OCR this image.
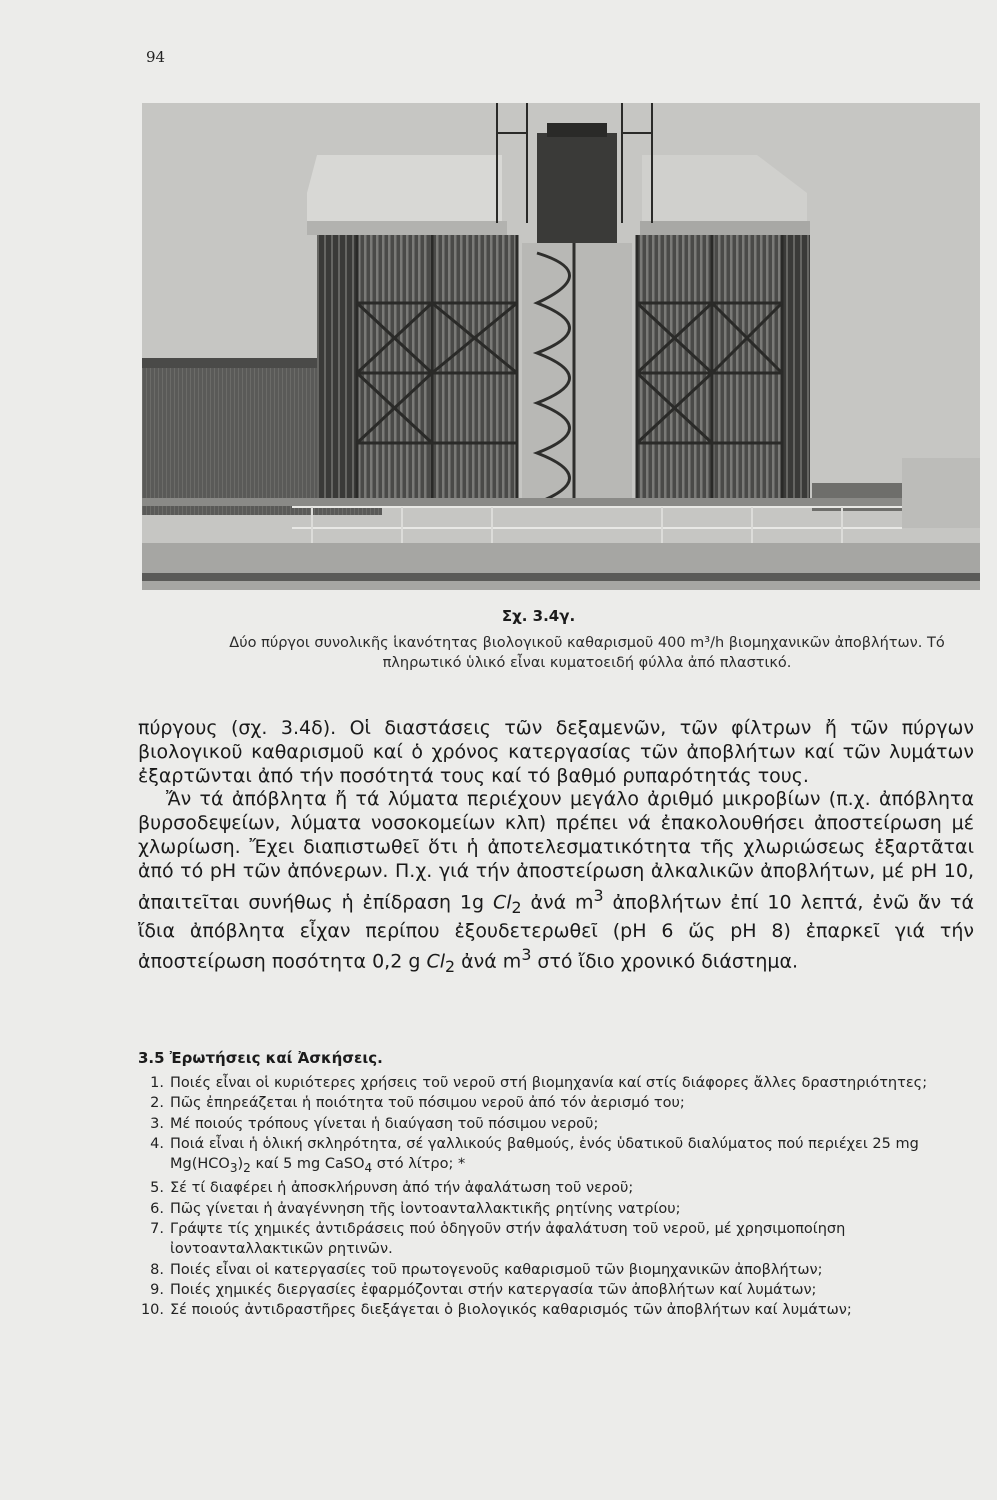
94
Σχ. 3.4γ.
Δύο πύργοι συνολικῆς ἱκανότητας βιολογικοῦ καθαρισμοῦ 400 m³/h βιομηχανικῶν ἀποβλήτων. Τό
πληρωτικό ὑλικό εἶναι κυματοειδή φύλλα ἀπό πλαστικό.

πύργους (σχ. 3.4δ). Οἱ διαστάσεις τῶν δεξαμενῶν, τῶν φίλτρων ἤ τῶν πύργων βιολογικοῦ καθαρισμοῦ καί ὁ χρόνος κατεργασίας τῶν ἀποβλήτων καί τῶν λυμάτων ἐξαρτῶνται ἀπό τήν ποσότητά τους καί τό βαθμό ρυπαρότητάς τους.

Ἄν τά ἀπόβλητα ἤ τά λύματα περιέχουν μεγάλο ἀριθμό μικροβίων (π.χ. ἀπόβλητα βυρσοδεψείων, λύματα νοσοκομείων κλπ) πρέπει νά ἐπακολουθήσει ἀποστείρωση μέ χλωρίωση. Ἔχει διαπιστωθεῖ ὅτι ἡ ἀποτελεσματικότητα τῆς χλωριώσεως ἐξαρτᾶται ἀπό τό pH τῶν ἀπόνερων. Π.χ. γιά τήν ἀποστείρωση ἀλκαλικῶν ἀποβλήτων, μέ pH 10, ἀπαιτεῖται συνήθως ἡ ἐπίδραση 1g $Cl_2$ ἀνά $m^3$ ἀποβλήτων ἐπί 10 λεπτά, ἐνῶ ἄν τά ἴδια ἀπόβλητα εἶχαν περίπου ἐξουδετερωθεῖ (pH 6 ὥς pH 8) ἐπαρκεῖ γιά τήν ἀποστείρωση ποσότητα 0,2 g $Cl_2$ ἀνά $m^3$ στό ἴδιο χρονικό διάστημα.

3.5 Ἐρωτήσεις καί Ἀσκήσεις.
1. Ποιές εἶναι οἱ κυριότερες χρήσεις τοῦ νεροῦ στή βιομηχανία καί στίς διάφορες ἄλλες δραστηριότητες;
2. Πῶς ἐπηρεάζεται ἡ ποιότητα τοῦ πόσιμου νεροῦ ἀπό τόν ἀερισμό του;
3. Μέ ποιούς τρόπους γίνεται ἡ διαύγαση τοῦ πόσιμου νεροῦ;
4. Ποιά εἶναι ἡ ὁλική σκληρότητα, σέ γαλλικούς βαθμούς, ἑνός ὑδατικοῦ διαλύματος πού περιέχει 25 mg $Mg(HCO_3)_2$ καί 5 mg CaSO$_4$ στό λίτρο; *
5. Σέ τί διαφέρει ἡ ἀποσκλήρυνση ἀπό τήν ἀφαλάτωση τοῦ νεροῦ;
6. Πῶς γίνεται ἡ ἀναγέννηση τῆς ἰοντοανταλλακτικῆς ρητίνης νατρίου;
7. Γράψτε τίς χημικές ἀντιδράσεις πού ὁδηγοῦν στήν ἀφαλάτυση τοῦ νεροῦ, μέ χρησιμοποίηση ἰοντοανταλλακτικῶν ρητινῶν.
8. Ποιές εἶναι οἱ κατεργασίες τοῦ πρωτογενοῦς καθαρισμοῦ τῶν βιομηχανικῶν ἀποβλήτων;
9. Ποιές χημικές διεργασίες ἐφαρμόζονται στήν κατεργασία τῶν ἀποβλήτων καί λυμάτων;
10. Σέ ποιούς ἀντιδραστῆρες διεξάγεται ὁ βιολογικός καθαρισμός τῶν ἀποβλήτων καί λυμάτων;
